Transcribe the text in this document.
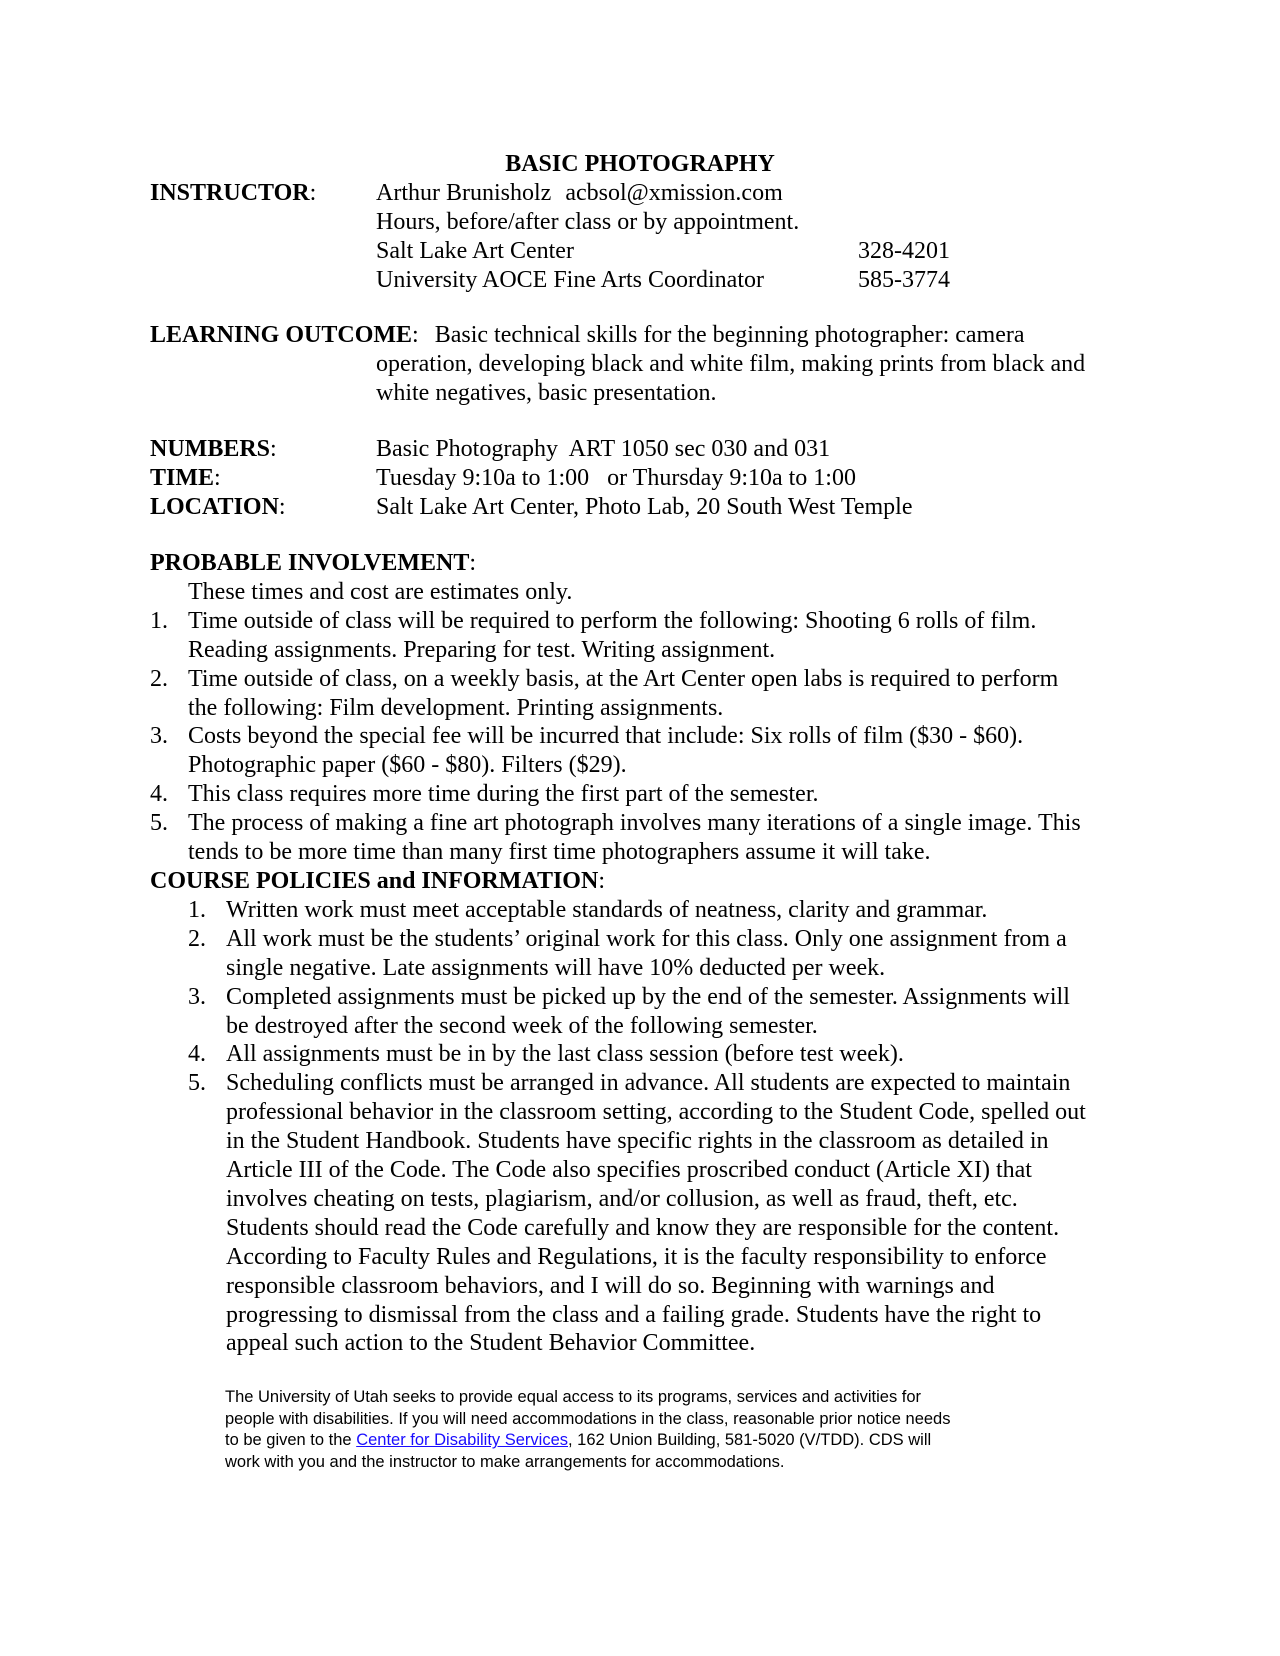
BASIC PHOTOGRAPHY
INSTRUCTOR:	Arthur Brunisholz acbsol@xmission.com
Hours, before/after class or by appointment.
Salt Lake Art Center	328-4201
University AOCE Fine Arts Coordinator	585-3774
LEARNING OUTCOME: Basic technical skills for the beginning photographer: camera
operation, developing black and white film, making prints from black and
white negatives, basic presentation.
NUMBERS:	Basic Photography  ART 1050 sec 030 and 031
TIME:	Tuesday 9:10a to 1:00   or Thursday 9:10a to 1:00
LOCATION:	Salt Lake Art Center, Photo Lab, 20 South West Temple
PROBABLE INVOLVEMENT:
These times and cost are estimates only.
1. Time outside of class will be required to perform the following: Shooting 6 rolls of film.
Reading assignments. Preparing for test. Writing assignment.
2. Time outside of class, on a weekly basis, at the Art Center open labs is required to perform
the following: Film development. Printing assignments.
3. Costs beyond the special fee will be incurred that include: Six rolls of film ($30 - $60).
Photographic paper ($60 - $80). Filters ($29).
4. This class requires more time during the first part of the semester.
5. The process of making a fine art photograph involves many iterations of a single image. This
tends to be more time than many first time photographers assume it will take.
COURSE POLICIES and INFORMATION:
1. Written work must meet acceptable standards of neatness, clarity and grammar.
2. All work must be the students’ original work for this class. Only one assignment from a
single negative. Late assignments will have 10% deducted per week.
3. Completed assignments must be picked up by the end of the semester. Assignments will
be destroyed after the second week of the following semester.
4. All assignments must be in by the last class session (before test week).
5. Scheduling conflicts must be arranged in advance. All students are expected to maintain
professional behavior in the classroom setting, according to the Student Code, spelled out
in the Student Handbook. Students have specific rights in the classroom as detailed in
Article III of the Code. The Code also specifies proscribed conduct (Article XI) that
involves cheating on tests, plagiarism, and/or collusion, as well as fraud, theft, etc.
Students should read the Code carefully and know they are responsible for the content.
According to Faculty Rules and Regulations, it is the faculty responsibility to enforce
responsible classroom behaviors, and I will do so. Beginning with warnings and
progressing to dismissal from the class and a failing grade. Students have the right to
appeal such action to the Student Behavior Committee.
The University of Utah seeks to provide equal access to its programs, services and activities for
people with disabilities. If you will need accommodations in the class, reasonable prior notice needs
to be given to the Center for Disability Services, 162 Union Building, 581-5020 (V/TDD). CDS will
work with you and the instructor to make arrangements for accommodations.
